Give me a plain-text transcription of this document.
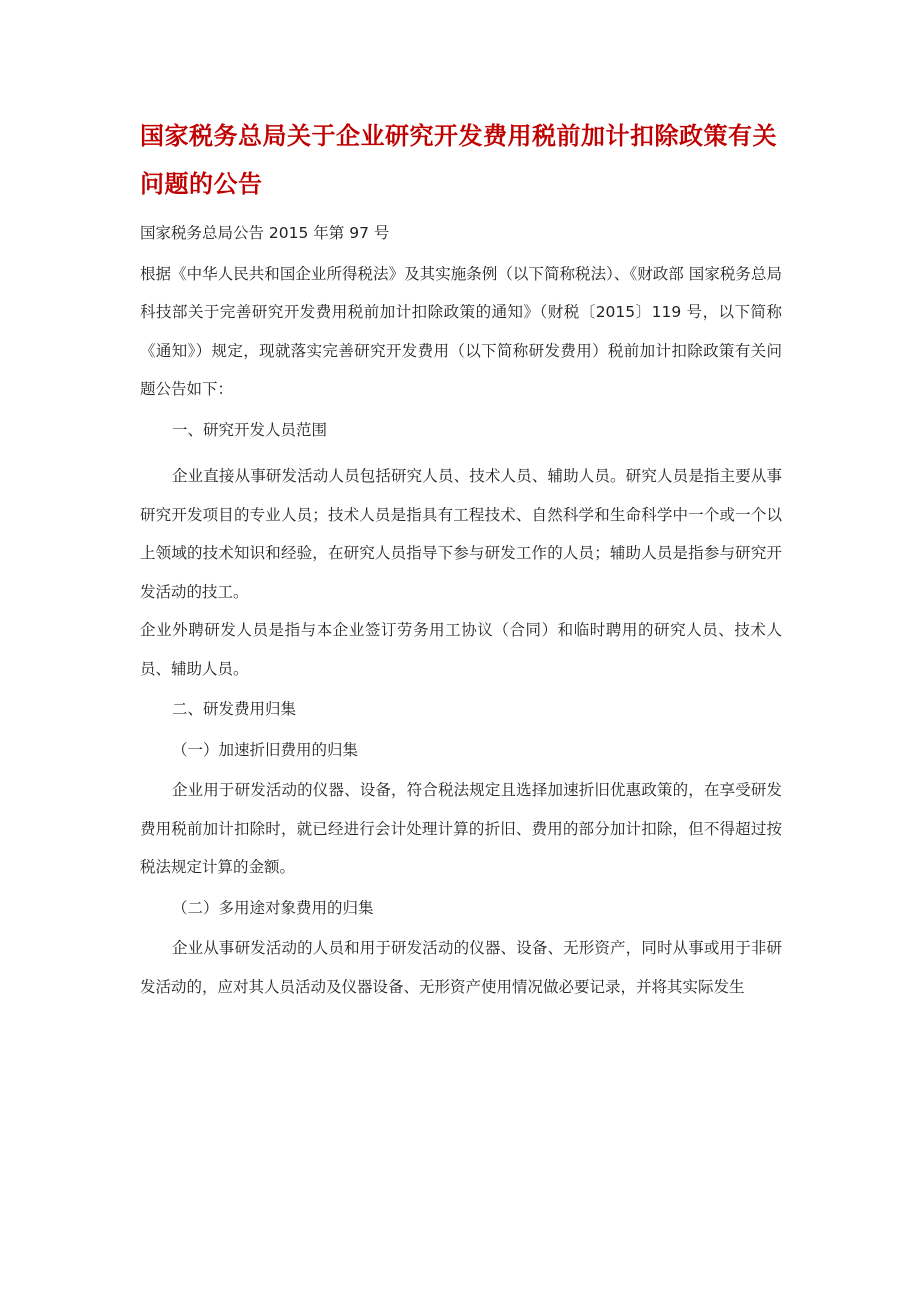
国家税务总局关于企业研究开发费用税前加计扣除政策有关问题的公告

国家税务总局公告 2015 年第 97 号

根据《中华人民共和国企业所得税法》及其实施条例（以下简称税法）、《财政部 国家税务总局 科技部关于完善研究开发费用税前加计扣除政策的通知》（财税〔2015〕119 号，以下简称《通知》）规定，现就落实完善研究开发费用（以下简称研发费用）税前加计扣除政策有关问题公告如下：

一、研究开发人员范围

企业直接从事研发活动人员包括研究人员、技术人员、辅助人员。研究人员是指主要从事研究开发项目的专业人员；技术人员是指具有工程技术、自然科学和生命科学中一个或一个以上领域的技术知识和经验，在研究人员指导下参与研发工作的人员；辅助人员是指参与研究开发活动的技工。

企业外聘研发人员是指与本企业签订劳务用工协议（合同）和临时聘用的研究人员、技术人员、辅助人员。

二、研发费用归集

（一）加速折旧费用的归集

企业用于研发活动的仪器、设备，符合税法规定且选择加速折旧优惠政策的，在享受研发费用税前加计扣除时，就已经进行会计处理计算的折旧、费用的部分加计扣除，但不得超过按税法规定计算的金额。

（二）多用途对象费用的归集

企业从事研发活动的人员和用于研发活动的仪器、设备、无形资产，同时从事或用于非研发活动的，应对其人员活动及仪器设备、无形资产使用情况做必要记录，并将其实际发生
